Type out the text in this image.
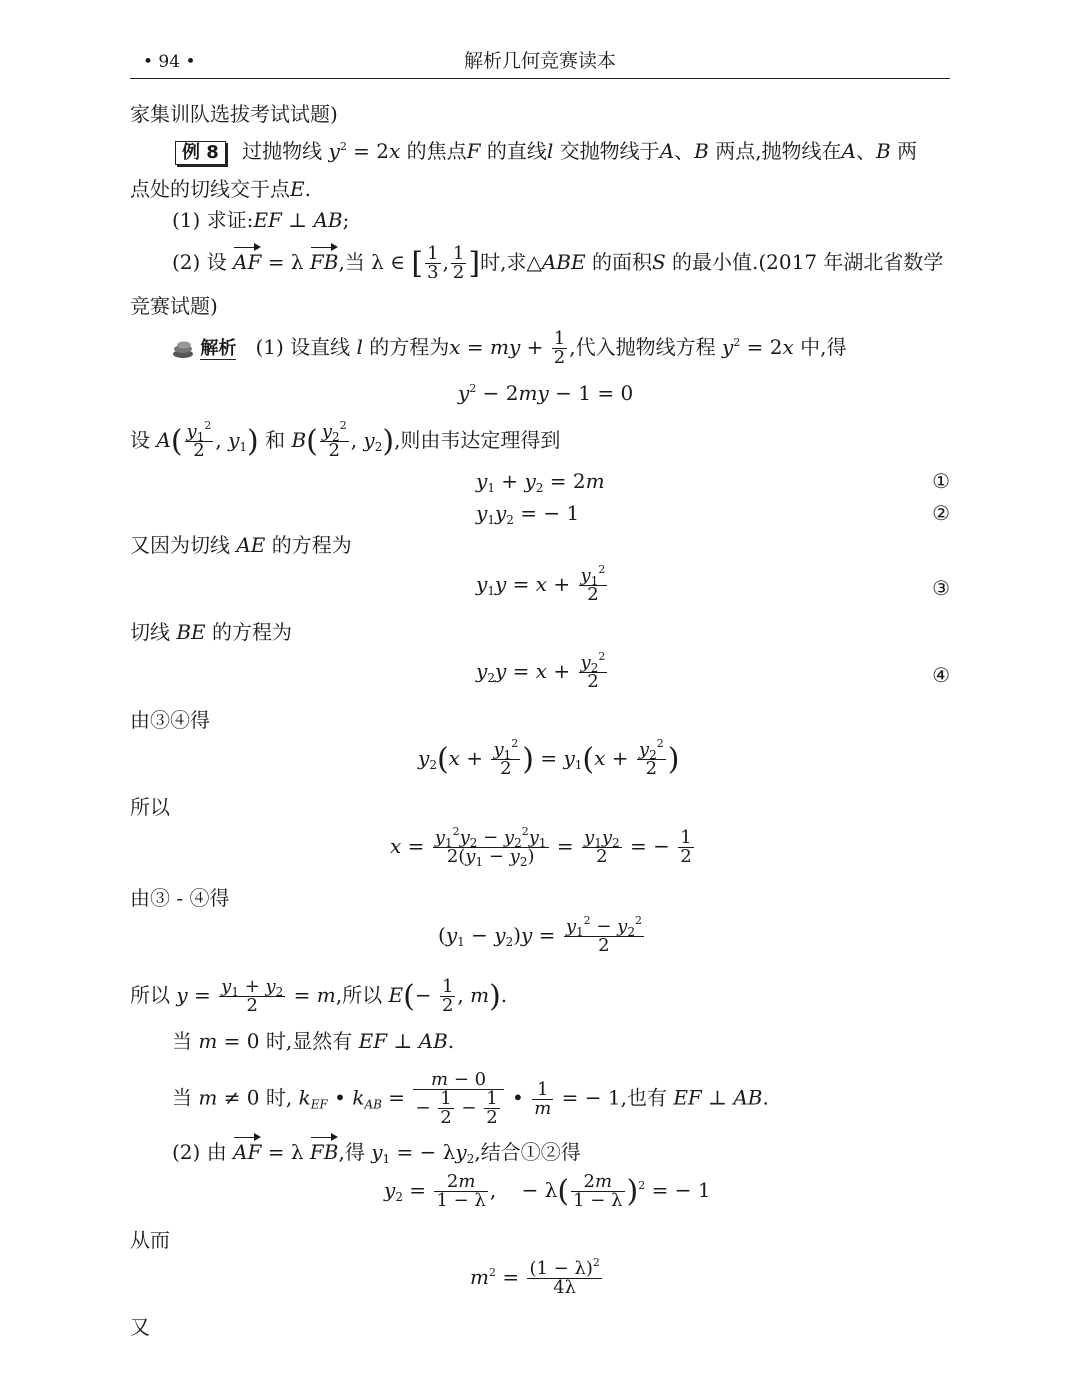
• 94 •	解析几何竞赛读本
家集训队选拔考试试题)
例 8 过抛物线 $y^2 = 2x$ 的焦点F 的直线l 交抛物线于A、B 两点,抛物线在A、B 两
点处的切线交于点E.
(1) 求证:EF ⊥ AB;
(2) 设 AF = λ FB,当 λ ∈ [ $\frac{1}{3}$ , $\frac{1}{2}$ ]时,求△ABE 的面积S 的最小值.(2017 年湖北省数学
竞赛试题)
解析 (1) 设直线 l 的方程为x = my + $\frac{1}{2}$ ,代入抛物线方程 $y^2 = 2x$ 中,得
$y^2 - 2my - 1 = 0$
设 $A( \frac{y_1^2}{2}$ , $y_1$) 和 $B( \frac{y_2^2}{2}$ , $y_2$),则由韦达定理得到
$y_1 + y_2 = 2m$	①
$y_1y_2$ = − 1	②
又因为切线 AE 的方程为
$y_1y = x + \frac{y_1^2}{2}$	③
切线 BE 的方程为
$y_2y = x + \frac{y_2^2}{2}$	④
由③④得
$y_2(x + \frac{y_1^2}{2}$ ) = $y_1(x + \frac{y_2^2}{2}$ )
所以
$x = \frac{y_1^2y_2 - y_2^2y_1}{2(y_1 - y_2)} = \frac{y_1y_2}{2}$ = − $\frac{1}{2}$
由③ - ④得
$(y_1 - y_2)y = \frac{y_1^2 - y_2^2}{2}$
所以 $y = \frac{y_1 + y_2}{2} = m$,所以 $E(- \frac{1}{2}$ , m).
当 m = 0 时,显然有 EF ⊥ AB.
当 m ≠ 0 时, $k_{EF}$ • $k_{AB} = \frac{m - 0}{- \frac{1}{2} - \frac{1}{2}}$ • $\frac{1}{m}$ = − 1,也有 EF ⊥ AB.
(2) 由 AF = λ FB,得 $y_1$ = − $\lambda y_2$,结合①②得
$y_2 = \frac{2m}{1 - \lambda}$ ,    − $\lambda( \frac{2m}{1 - \lambda} )^2$ = − 1
从而
$m^2 = \frac{(1 - \lambda)^2}{4\lambda}$
又
